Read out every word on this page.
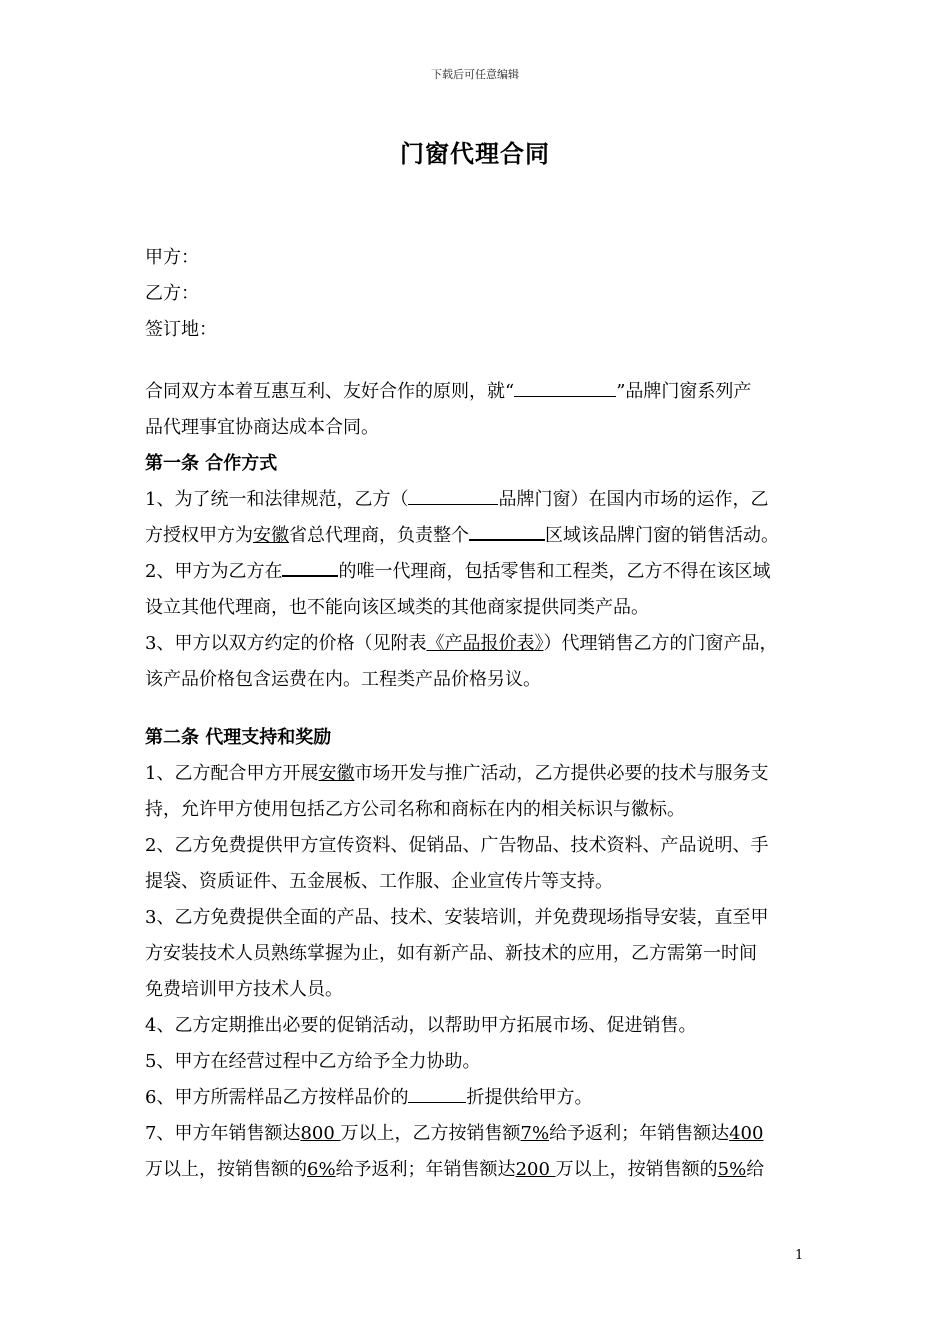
下载后可任意编辑
门窗代理合同
甲方：
乙方：
签订地：
合同双方本着互惠互利、友好合作的原则，就“	”品牌门窗系列产
品代理事宜协商达成本合同。
第一条 合作方式
1、为了统一和法律规范，乙方（	品牌门窗）在国内市场的运作，乙
方授权甲方为安徽省总代理商，负责整个	区域该品牌门窗的销售活动。
2、甲方为乙方在	的唯一代理商，包括零售和工程类，乙方不得在该区域
设立其他代理商，也不能向该区域类的其他商家提供同类产品。
3、甲方以双方约定的价格（见附表《产品报价表》）代理销售乙方的门窗产品，
该产品价格包含运费在内。工程类产品价格另议。
第二条 代理支持和奖励
1、乙方配合甲方开展安徽市场开发与推广活动，乙方提供必要的技术与服务支
持，允许甲方使用包括乙方公司名称和商标在内的相关标识与徽标。
2、乙方免费提供甲方宣传资料、促销品、广告物品、技术资料、产品说明、手
提袋、资质证件、五金展板、工作服、企业宣传片等支持。
3、乙方免费提供全面的产品、技术、安装培训，并免费现场指导安装，直至甲
方安装技术人员熟练掌握为止，如有新产品、新技术的应用，乙方需第一时间
免费培训甲方技术人员。
4、乙方定期推出必要的促销活动，以帮助甲方拓展市场、促进销售。
5、甲方在经营过程中乙方给予全力协助。
6、甲方所需样品乙方按样品价的	折提供给甲方。
7、甲方年销售额达800 万以上，乙方按销售额7%给予返利；年销售额达400
万以上，按销售额的6%给予返利；年销售额达200 万以上，按销售额的5%给
1
